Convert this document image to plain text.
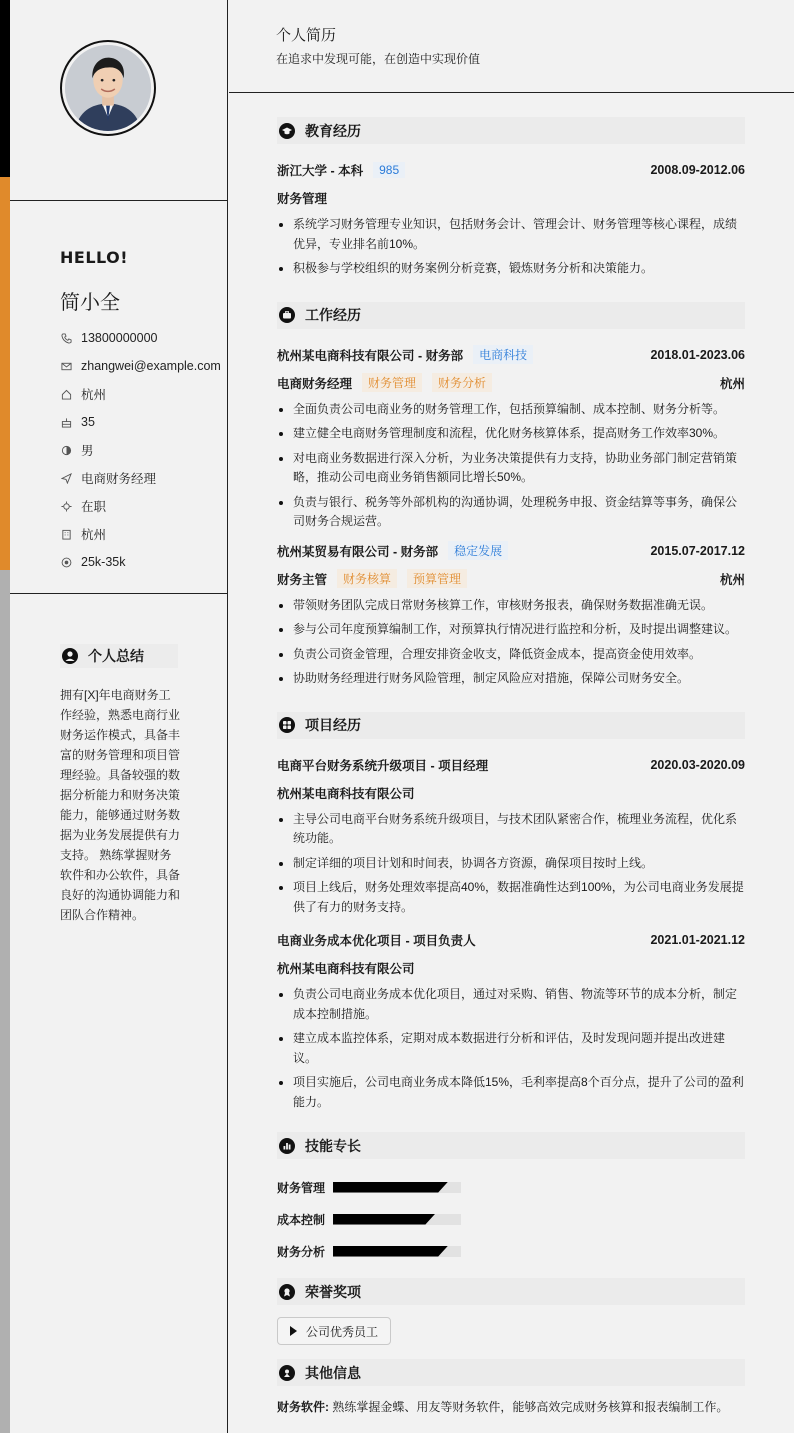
HELLO!
简小全
13800000000
zhangwei@example.com
杭州
35
男
电商财务经理
在职
杭州
25k-35k
个人总结
拥有[X]年电商财务工作经验，熟悉电商行业财务运作模式，具备丰富的财务管理和项目管理经验。具备较强的数据分析能力和财务决策能力，能够通过财务数据为业务发展提供有力支持。 熟练掌握财务软件和办公软件，具备良好的沟通协调能力和团队合作精神。
个人简历
在追求中发现可能，在创造中实现价值
教育经历
浙江大学 - 本科	985	2008.09-2012.06
财务管理
系统学习财务管理专业知识，包括财务会计、管理会计、财务管理等核心课程，成绩优异，专业排名前10%。
积极参与学校组织的财务案例分析竞赛，锻炼财务分析和决策能力。
工作经历
杭州某电商科技有限公司 - 财务部	电商科技	2018.01-2023.06
电商财务经理	财务管理	财务分析	杭州
全面负责公司电商业务的财务管理工作，包括预算编制、成本控制、财务分析等。
建立健全电商财务管理制度和流程，优化财务核算体系，提高财务工作效率30%。
对电商业务数据进行深入分析，为业务决策提供有力支持，协助业务部门制定营销策略，推动公司电商业务销售额同比增长50%。
负责与银行、税务等外部机构的沟通协调，处理税务申报、资金结算等事务，确保公司财务合规运营。
杭州某贸易有限公司 - 财务部	稳定发展	2015.07-2017.12
财务主管	财务核算	预算管理	杭州
带领财务团队完成日常财务核算工作，审核财务报表，确保财务数据准确无误。
参与公司年度预算编制工作，对预算执行情况进行监控和分析，及时提出调整建议。
负责公司资金管理，合理安排资金收支，降低资金成本，提高资金使用效率。
协助财务经理进行财务风险管理，制定风险应对措施，保障公司财务安全。
项目经历
电商平台财务系统升级项目 - 项目经理	2020.03-2020.09
杭州某电商科技有限公司
主导公司电商平台财务系统升级项目，与技术团队紧密合作，梳理业务流程，优化系统功能。
制定详细的项目计划和时间表，协调各方资源，确保项目按时上线。
项目上线后，财务处理效率提高40%，数据准确性达到100%，为公司电商业务发展提供了有力的财务支持。
电商业务成本优化项目 - 项目负责人	2021.01-2021.12
杭州某电商科技有限公司
负责公司电商业务成本优化项目，通过对采购、销售、物流等环节的成本分析，制定成本控制措施。
建立成本监控体系，定期对成本数据进行分析和评估，及时发现问题并提出改进建议。
项目实施后，公司电商业务成本降低15%，毛利率提高8个百分点，提升了公司的盈利能力。
技能专长
财务管理
成本控制
财务分析
荣誉奖项
公司优秀员工
其他信息
财务软件: 熟练掌握金蝶、用友等财务软件，能够高效完成财务核算和报表编制工作。
